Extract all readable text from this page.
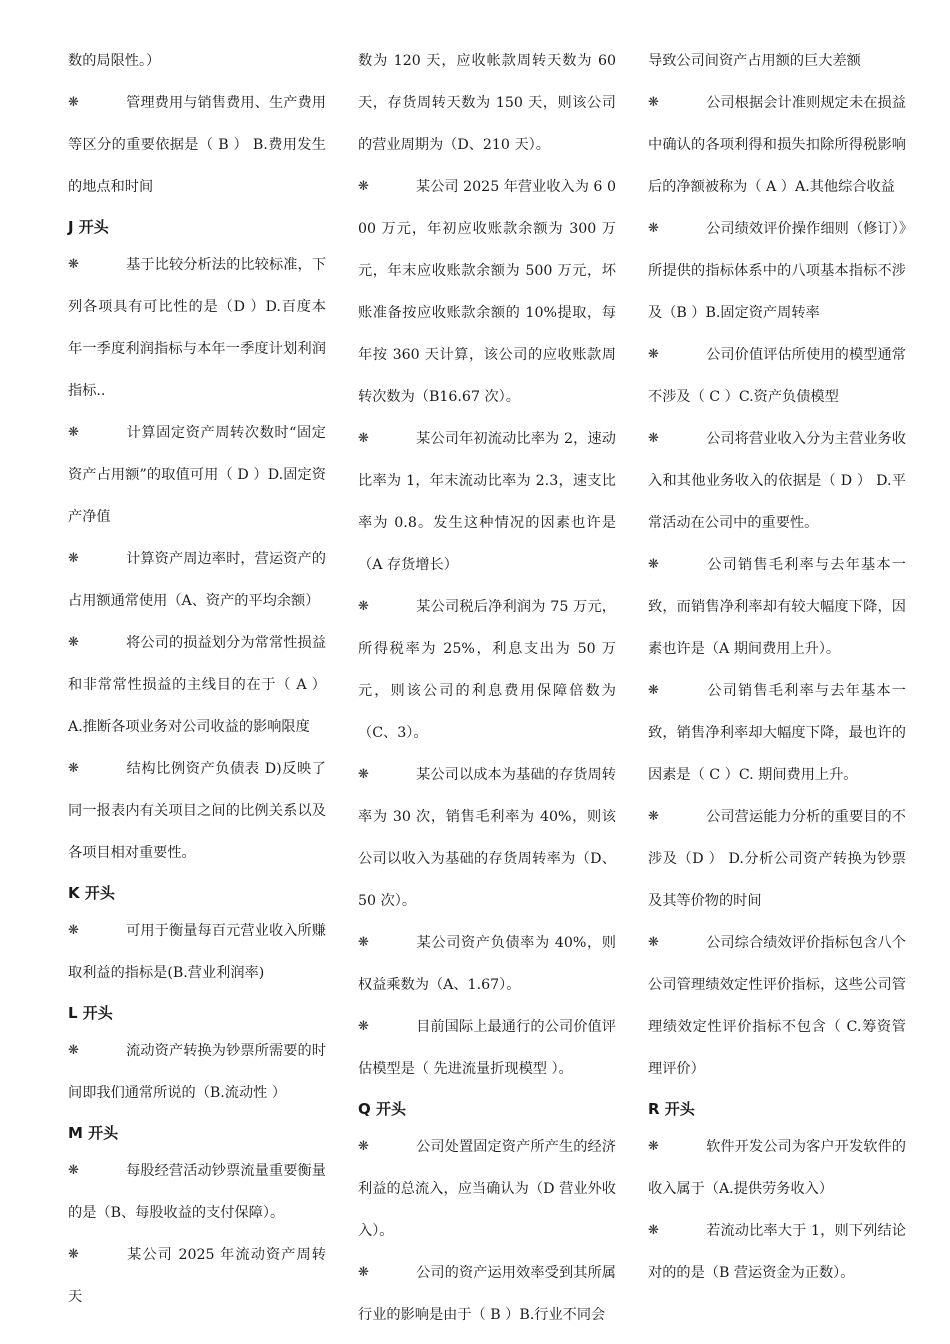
数的局限性。）

❋	管理费用与销售费用、生产费用等区分的重要依据是（ B ） B.费用发生的地点和时间

J 开头

❋	基于比较分析法的比较标准，下列各项具有可比性的是（D ）D.百度本年一季度利润指标与本年一季度计划利润指标..

❋	计算固定资产周转次数时“固定资产占用额”的取值可用（ D ）D.固定资产净值

❋	计算资产周边率时，营运资产的占用额通常使用（A、资产的平均余额）

❋	将公司的损益划分为常常性损益和非常常性损益的主线目的在于（ A ）A.推断各项业务对公司收益的影响限度

❋	结构比例资产负债表 D)反映了同一报表内有关项目之间的比例关系以及各项目相对重要性。

K 开头

❋	可用于衡量每百元营业收入所赚取利益的指标是(B.营业利润率)

L 开头

❋	流动资产转换为钞票所需要的时间即我们通常所说的（B.流动性 ）

M 开头

❋	每股经营活动钞票流量重要衡量的是（B、每股收益的支付保障）。

❋	某公司 2025 年流动资产周转天

数为 120 天，应收帐款周转天数为 60 天，存货周转天数为 150 天，则该公司的营业周期为（D、210 天）。

❋	某公司 2025 年营业收入为 6 000 万元，年初应收账款余额为 300 万元，年末应收账款余额为 500 万元，坏账准备按应收账款余额的 10%提取，每年按 360 天计算，该公司的应收账款周转次数为（B16.67 次）。

❋	某公司年初流动比率为 2，速动比率为 1，年末流动比率为 2.3，速支比率为 0.8。发生这种情况的因素也许是（A 存货增长）

❋	某公司税后净利润为 75 万元，所得税率为 25%，利息支出为 50 万元，则该公司的利息费用保障倍数为（C、3）。

❋	某公司以成本为基础的存货周转率为 30 次，销售毛利率为 40%，则该公司以收入为基础的存货周转率为（D、50 次）。

❋	某公司资产负债率为 40%，则权益乘数为（A、1.67）。

❋	目前国际上最通行的公司价值评估模型是（ 先进流量折现模型 ）。

Q 开头

❋	公司处置固定资产所产生的经济利益的总流入，应当确认为（D 营业外收入）。

❋	公司的资产运用效率受到其所属行业的影响是由于（ B ）B.行业不同会

导致公司间资产占用额的巨大差额

❋	公司根据会计准则规定未在损益中确认的各项利得和损失扣除所得税影响后的净额被称为（ A ）A.其他综合收益

❋	公司绩效评价操作细则（修订）》所提供的指标体系中的八项基本指标不涉及（B ）B.固定资产周转率

❋	公司价值评估所使用的模型通常不涉及（ C ）C.资产负债模型

❋	公司将营业收入分为主营业务收入和其他业务收入的依据是（ D ） D.平常活动在公司中的重要性。

❋	公司销售毛利率与去年基本一致，而销售净利率却有较大幅度下降，因素也许是（A 期间费用上升）。

❋	公司销售毛利率与去年基本一致，销售净利率却大幅度下降，最也许的因素是（ C ）C. 期间费用上升。

❋	公司营运能力分析的重要目的不涉及（D ） D.分析公司资产转换为钞票及其等价物的时间

❋	公司综合绩效评价指标包含八个公司管理绩效定性评价指标，这些公司管理绩效定性评价指标不包含（ C.筹资管理评价）

R 开头

❋	软件开发公司为客户开发软件的收入属于（A.提供劳务收入）

❋	若流动比率大于 1，则下列结论对的的是（B 营运资金为正数）。
